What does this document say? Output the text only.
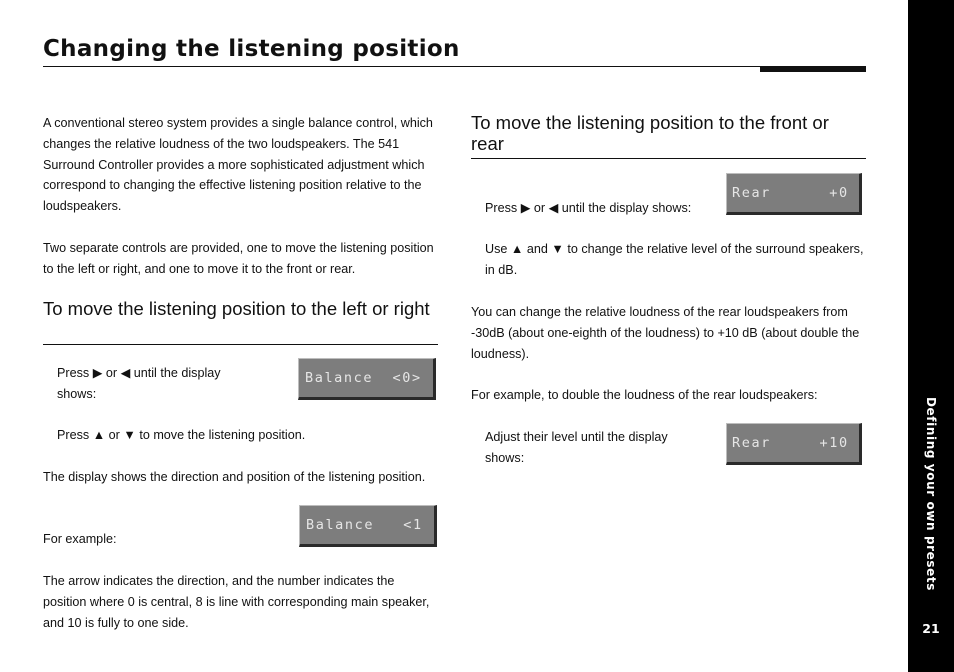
Changing the listening position

A conventional stereo system provides a single balance control, which changes the relative loudness of the two loudspeakers. The 541 Surround Controller provides a more sophisticated adjustment which correspond to changing the effective listening position relative to the loudspeakers.

Two separate controls are provided, one to move the listening position to the left or right, and one to move it to the front or rear.

To move the listening position to the left or right

Press ▶ or ◀ until the display shows:

Balance  <0>

Press ▲ or ▼ to move the listening position.

The display shows the direction and position of the listening position.

For example:

Balance   <1

The arrow indicates the direction, and the number indicates the position where 0 is central, 8 is line with corresponding main speaker, and 10 is fully to one side.

To move the listening position to the front or rear

Press ▶ or ◀ until the display shows:

Rear      +0

Use ▲ and ▼ to change the relative level of the surround speakers, in dB.

You can change the relative loudness of the rear loudspeakers from -30dB (about one-eighth of the loudness) to +10 dB (about double the loudness).

For example, to double the loudness of the rear loudspeakers:

Adjust their level until the display shows:

Rear     +10	Defining your own presets
21
